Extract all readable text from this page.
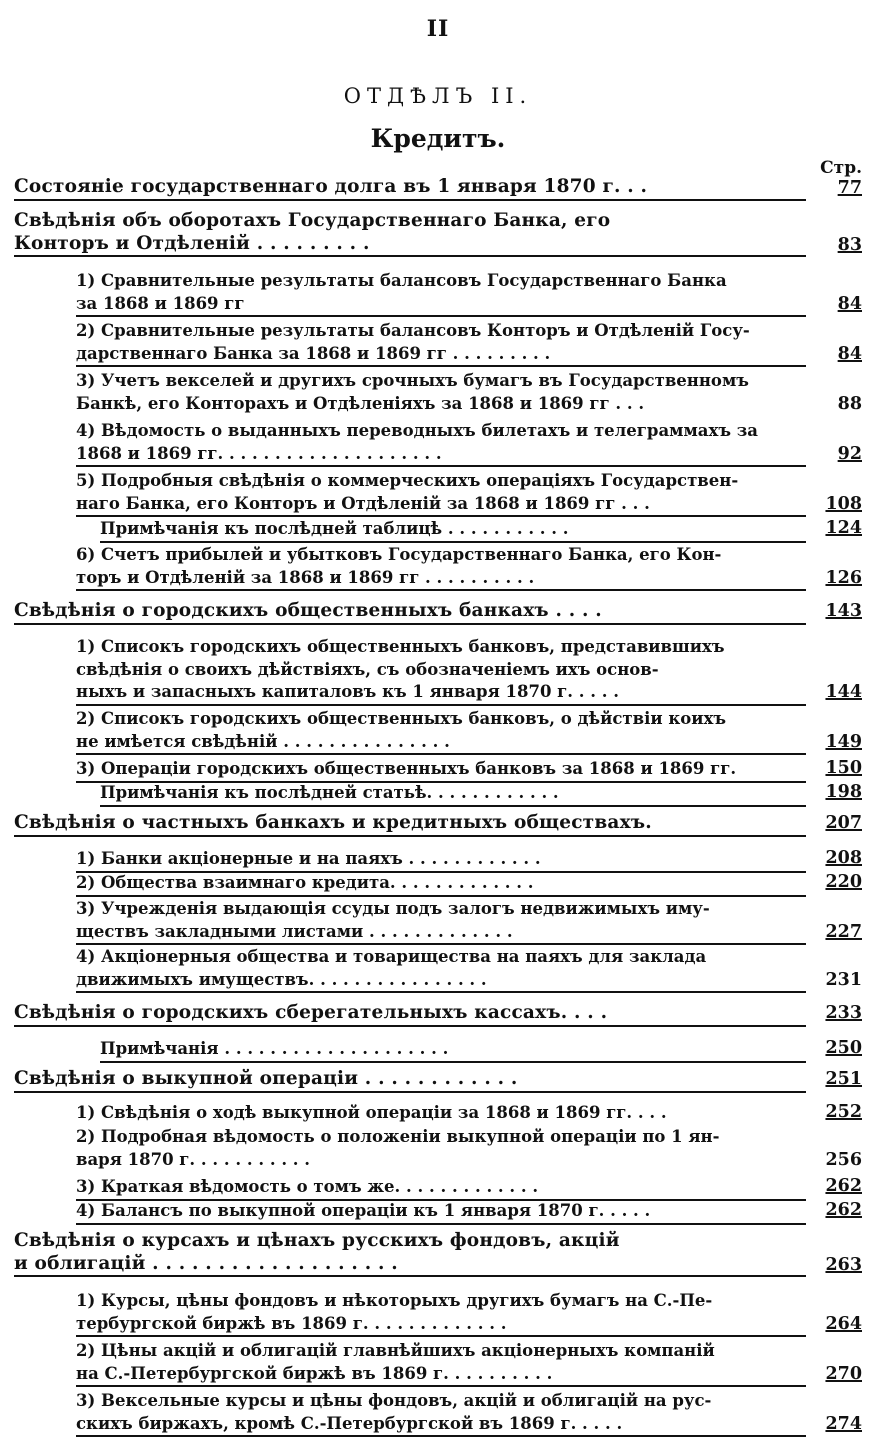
II
ОТДѢЛЪ II.
Кредитъ.
Стр.
Состояніе государственнаго долга въ 1 января 1870 г. . .	77
Свѣдѣнія объ оборотахъ Государственнаго Банка, его
Конторъ и Отдѣленій . . . . . . . . .	83
1) Сравнительные результаты балансовъ Государственнаго Банка
за 1868 и 1869 гг	84
2) Сравнительные результаты балансовъ Конторъ и Отдѣленій Госу-
дарственнаго Банка за 1868 и 1869 гг . . . . . . . . .	84
3) Учетъ векселей и другихъ срочныхъ бумагъ въ Государственномъ
Банкѣ, его Конторахъ и Отдѣленіяхъ за 1868 и 1869 гг . . .	88
4) Вѣдомость о выданныхъ переводныхъ билетахъ и телеграммахъ за
1868 и 1869 гг. . . . . . . . . . . . . . . . . . . .	92
5) Подробныя свѣдѣнія о коммерческихъ операціяхъ Государствен-
наго Банка, его Конторъ и Отдѣленій за 1868 и 1869 гг . . .	108
Примѣчанія къ послѣдней таблицѣ . . . . . . . . . . .	124
6) Счетъ прибылей и убытковъ Государственнаго Банка, его Кон-
торъ и Отдѣленій за 1868 и 1869 гг . . . . . . . . . .	126
Свѣдѣнія о городскихъ общественныхъ банкахъ . . . .	143
1) Списокъ городскихъ общественныхъ банковъ, представившихъ
свѣдѣнія о своихъ дѣйствіяхъ, съ обозначеніемъ ихъ основ-
ныхъ и запасныхъ капиталовъ къ 1 января 1870 г. . . . .	144
2) Списокъ городскихъ общественныхъ банковъ, о дѣйствіи коихъ
не имѣется свѣдѣній . . . . . . . . . . . . . . .	149
3) Операціи городскихъ общественныхъ банковъ за 1868 и 1869 гг.	150
Примѣчанія къ послѣдней статьѣ. . . . . . . . . . . .	198
Свѣдѣнія о частныхъ банкахъ и кредитныхъ обществахъ.	207
1) Банки акціонерные и на паяхъ . . . . . . . . . . . .	208
2) Общества взаимнаго кредита. . . . . . . . . . . . .	220
3) Учрежденія выдающія ссуды подъ залогъ недвижимыхъ иму-
ществъ закладными листами . . . . . . . . . . . . .	227
4) Акціонерныя общества и товарищества на паяхъ для заклада
движимыхъ имуществъ. . . . . . . . . . . . . . . .	231
Свѣдѣнія о городскихъ сберегательныхъ кассахъ. . . .	233
Примѣчанія . . . . . . . . . . . . . . . . . . . .	250
Свѣдѣнія о выкупной операціи . . . . . . . . . . . .	251
1) Свѣдѣнія о ходѣ выкупной операціи за 1868 и 1869 гг. . . .	252
2) Подробная вѣдомость о положеніи выкупной операціи по 1 ян-
варя 1870 г. . . . . . . . . . .	256
3) Краткая вѣдомость о томъ же. . . . . . . . . . . . .	262
4) Балансъ по выкупной операціи къ 1 января 1870 г. . . . .	262
Свѣдѣнія о курсахъ и цѣнахъ русскихъ фондовъ, акцій
и облигацій . . . . . . . . . . . . . . . . . . .	263
1) Курсы, цѣны фондовъ и нѣкоторыхъ другихъ бумагъ на С.-Пе-
тербургской биржѣ въ 1869 г. . . . . . . . . . . . .	264
2) Цѣны акцій и облигацій главнѣйшихъ акціонерныхъ компаній
на С.-Петербургской биржѣ въ 1869 г. . . . . . . . . .	270
3) Вексельные курсы и цѣны фондовъ, акцій и облигацій на рус-
скихъ биржахъ, кромѣ С.-Петербургской въ 1869 г. . . . .	274
